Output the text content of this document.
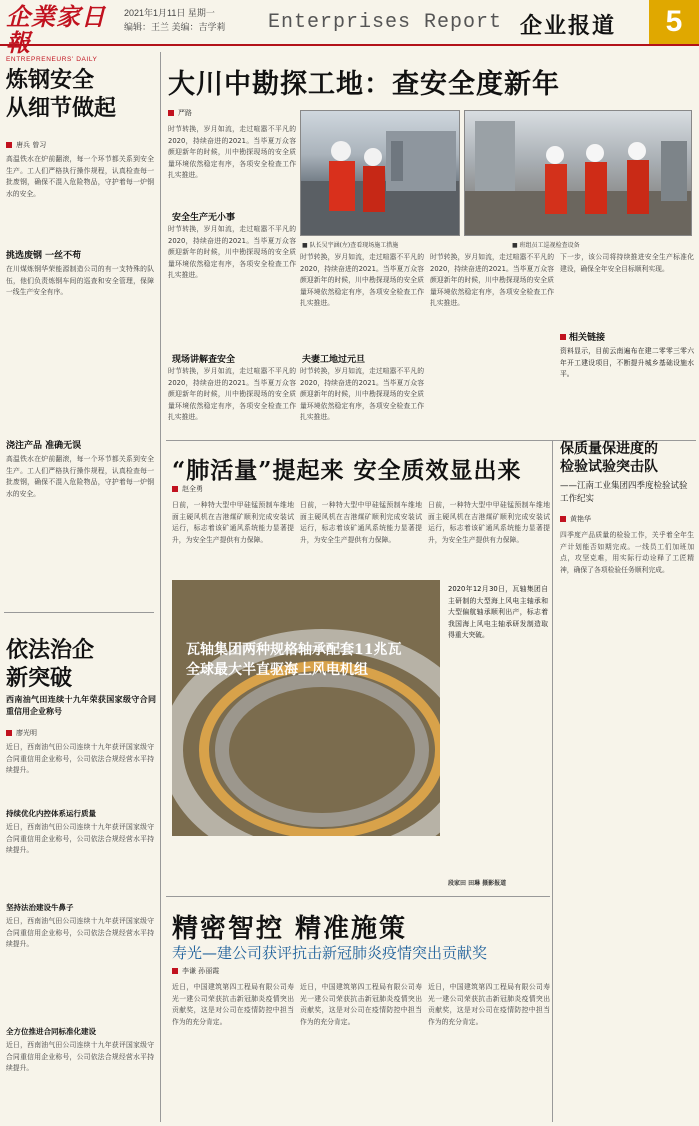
企業家日報
ENTREPRENEURS' DAILY
2021年1月11日 星期一
编辑：王兰 美编：吉学莉 Enterprises Report 企业报道	5
炼钢安全
从细节做起
唐兵 曾习
高温铁水在炉前翻滚，每一个环节都关系到安全生产。工人们严格执行操作规程，认真检查每一批废钢，确保不混入危险物品，守护着每一炉钢水的安全。
挑选废钢 一丝不苟
在川煤炼钢华荣能源制造公司的有一支特殊的队伍，他们负责炼钢车间的巡查和安全管理，保障一线生产安全有序。
浇注产品 准确无误
高温铁水在炉前翻滚，每一个环节都关系到安全生产。工人们严格执行操作规程，认真检查每一批废钢，确保不混入危险物品，守护着每一炉钢水的安全。
依法治企
新突破
西南油气田连续十九年荣获国家级守合同重信用企业称号
廖光明
近日，西南油气田公司连续十九年获评国家级守合同重信用企业称号，公司依法合规经营水平持续提升。
持续优化内控体系运行质量
近日，西南油气田公司连续十九年获评国家级守合同重信用企业称号，公司依法合规经营水平持续提升。
坚持法治建设牛鼻子
近日，西南油气田公司连续十九年获评国家级守合同重信用企业称号，公司依法合规经营水平持续提升。
全方位推进合同标准化建设
近日，西南油气田公司连续十九年获评国家级守合同重信用企业称号，公司依法合规经营水平持续提升。
大川中勘探工地：查安全度新年
严路
时节转换，岁月如流，走过喧嚣不平凡的2020，持续奋进的2021。当毕夏万众容颜迎新年的时候，川中勘探现场的安全质量环境依然稳定有序，各项安全检查工作扎实推进。
安全生产无小事
时节转换，岁月如流，走过喧嚣不平凡的2020，持续奋进的2021。当毕夏万众容颜迎新年的时候，川中勘探现场的安全质量环境依然稳定有序，各项安全检查工作扎实推进。
现场讲解查安全
时节转换，岁月如流，走过喧嚣不平凡的2020，持续奋进的2021。当毕夏万众容颜迎新年的时候，川中勘探现场的安全质量环境依然稳定有序，各项安全检查工作扎实推进。
■ 队长吴宇涵(左)查看现场施工措施	■ 班组员工巡视检查设备
时节转换，岁月如流，走过喧嚣不平凡的2020，持续奋进的2021。当毕夏万众容颜迎新年的时候，川中勘探现场的安全质量环境依然稳定有序，各项安全检查工作扎实推进。
夫妻工地过元旦
时节转换，岁月如流，走过喧嚣不平凡的2020，持续奋进的2021。当毕夏万众容颜迎新年的时候，川中勘探现场的安全质量环境依然稳定有序，各项安全检查工作扎实推进。
时节转换，岁月如流，走过喧嚣不平凡的2020，持续奋进的2021。当毕夏万众容颜迎新年的时候，川中勘探现场的安全质量环境依然稳定有序，各项安全检查工作扎实推进。
下一步，该公司将持续推进安全生产标准化建设，确保全年安全目标顺利实现。
相关链接
资料显示，目前云南遍布在建二零零三零六年开工建设项目，不断提升城乡基础设施水平。
“肺活量”提起来 安全质效显出来
赵全勇
日前，一种特大型中甲硅锰预制车维地面主硬风机在吉港煤矿顺利完成安装试运行，标志着该矿通风系统能力显著提升，为安全生产提供有力保障。
日前，一种特大型中甲硅锰预制车维地面主硬风机在吉港煤矿顺利完成安装试运行，标志着该矿通风系统能力显著提升，为安全生产提供有力保障。
日前，一种特大型中甲硅锰预制车维地面主硬风机在吉港煤矿顺利完成安装试运行，标志着该矿通风系统能力显著提升，为安全生产提供有力保障。
瓦轴集团两种规格轴承配套11兆瓦
全球最大半直驱海上风电机组
2020年12月30日，瓦轴集团自主研制的大型海上风电主轴承和大型偏航轴承顺利出产，标志着我国海上风电主轴承研发制造取得重大突破。
段家田 田琳 摄影报道
精密智控 精准施策
寿光—建公司获评抗击新冠肺炎疫情突出贡献奖
李谦 孙丽霞
近日，中国建筑第四工程局有限公司寿光一建公司荣获抗击新冠肺炎疫情突出贡献奖，这是对公司在疫情防控中担当作为的充分肯定。
近日，中国建筑第四工程局有限公司寿光一建公司荣获抗击新冠肺炎疫情突出贡献奖，这是对公司在疫情防控中担当作为的充分肯定。
近日，中国建筑第四工程局有限公司寿光一建公司荣获抗击新冠肺炎疫情突出贡献奖，这是对公司在疫情防控中担当作为的充分肯定。
保质量保进度的
检验试验突击队
——江南工业集团四季度检验试验工作纪实
黄艳华
四季度产品质量的检验工作，关乎着全年生产计划能否如期完成。一线员工们加班加点，攻坚克难，用实际行动诠释了工匠精神，确保了各项检验任务顺利完成。
